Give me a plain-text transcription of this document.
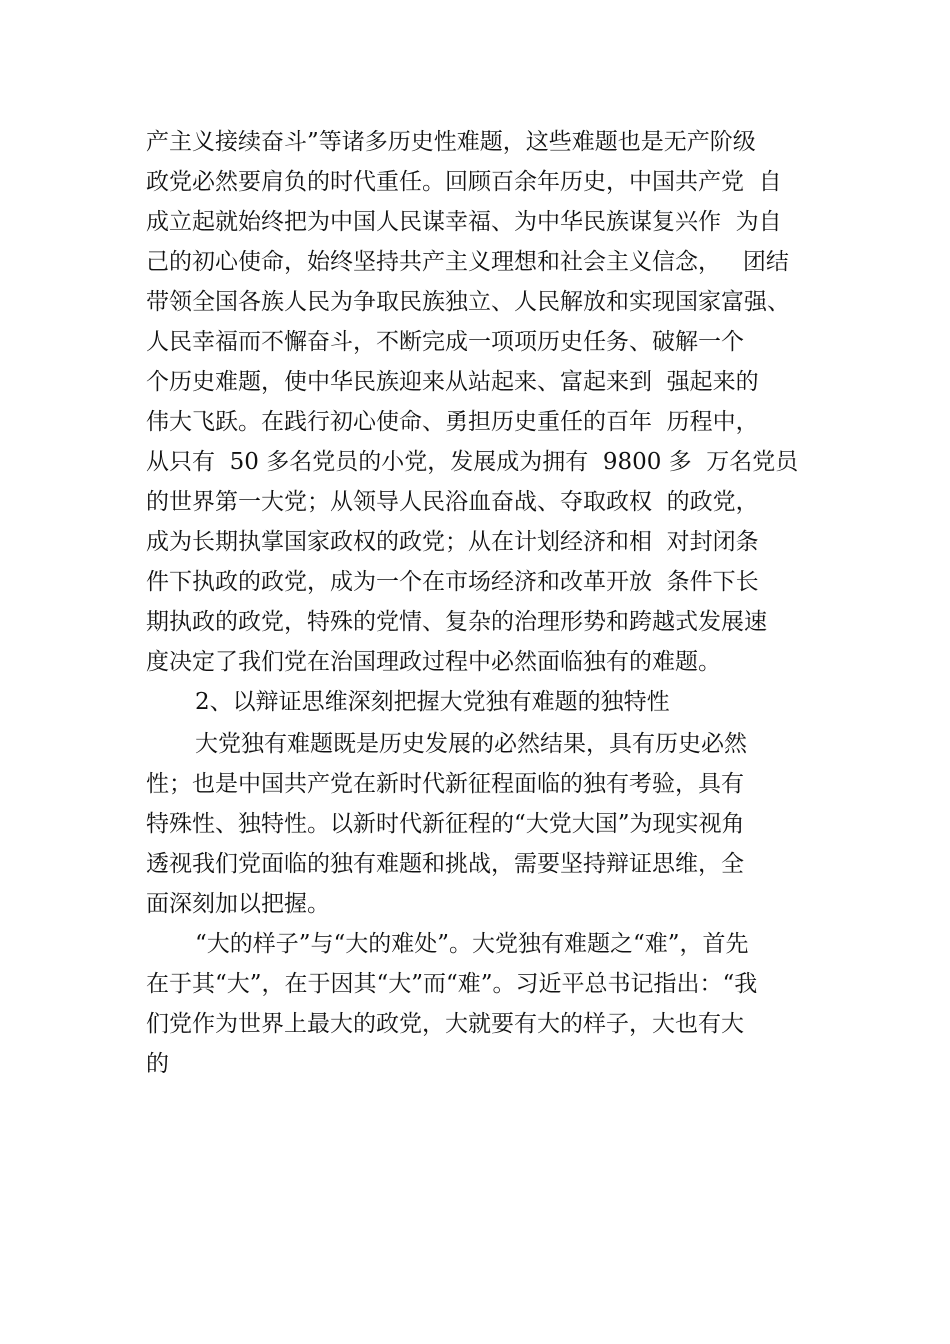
产主义接续奋斗”等诸多历史性难题，这些难题也是无产阶级
政党必然要肩负的时代重任。回顾百余年历史，中国共产党  自
成立起就始终把为中国人民谋幸福、为中华民族谋复兴作  为自
己的初心使命，始终坚持共产主义理想和社会主义信念，   团结
带领全国各族人民为争取民族独立、人民解放和实现国家富强、
人民幸福而不懈奋斗，不断完成一项项历史任务、破解一个
个历史难题，使中华民族迎来从站起来、富起来到  强起来的
伟大飞跃。在践行初心使命、勇担历史重任的百年  历程中，
从只有  50 多名党员的小党，发展成为拥有  9800 多  万名党员
的世界第一大党；从领导人民浴血奋战、夺取政权  的政党，
成为长期执掌国家政权的政党；从在计划经济和相  对封闭条
件下执政的政党，成为一个在市场经济和改革开放  条件下长
期执政的政党，特殊的党情、复杂的治理形势和跨越式发展速
度决定了我们党在治国理政过程中必然面临独有的难题。
2、以辩证思维深刻把握大党独有难题的独特性
大党独有难题既是历史发展的必然结果，具有历史必然
性；也是中国共产党在新时代新征程面临的独有考验，具有
特殊性、独特性。以新时代新征程的“大党大国”为现实视角
透视我们党面临的独有难题和挑战，需要坚持辩证思维，全
面深刻加以把握。
“大的样子”与“大的难处”。大党独有难题之“难”，首先
在于其“大”，在于因其“大”而“难”。习近平总书记指出：“我
们党作为世界上最大的政党，大就要有大的样子，大也有大
的
